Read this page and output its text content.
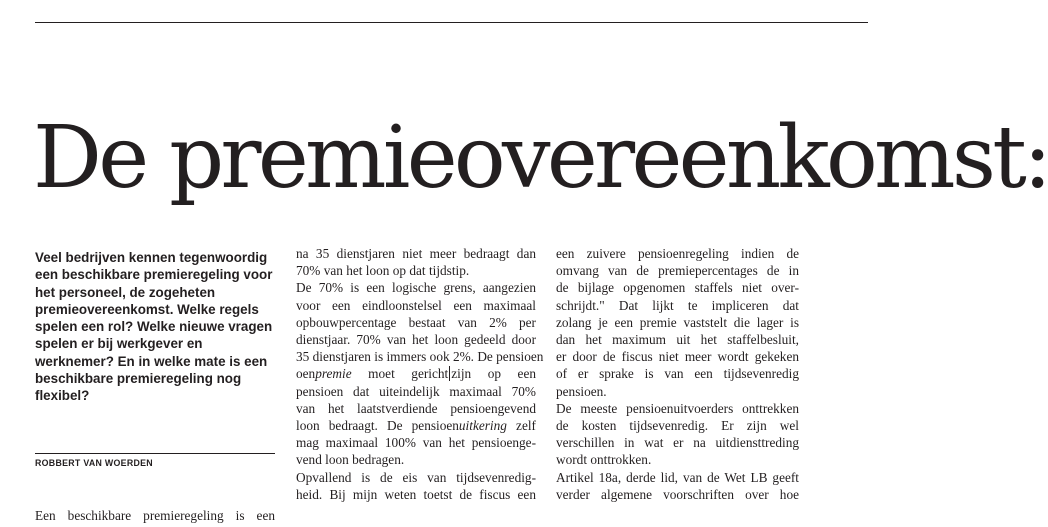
De premieovereenkomst:

Veel bedrijven kennen tegenwoordig een beschikbare premieregeling voor het personeel, de zogeheten premieovereenkomst. Welke regels spelen een rol? Welke nieuwe vragen spelen er bij werkgever en werknemer? En in welke mate is een beschikbare premieregeling nog flexibel?

ROBBERT VAN WOERDEN

Een beschikbare premieregeling is een

na 35 dienstjaren niet meer bedraagt dan
70% van het loon op dat tijdstip.

De 70% is een logische grens, aangezien
voor een eindloonstelsel een maximaal
opbouwpercentage bestaat van 2% per
dienstjaar. 70% van het loon gedeeld door
35 dienstjaren is immers ook 2%. De pensioen
oenpremie moet gericht zijn op een
pensioen dat uiteindelijk maximaal 70%
van het laatstverdiende pensioengevend
loon bedraagt. De pensioenuitkering zelf
mag maximaal 100% van het pensioenge-
vend loon bedragen.

Opvallend is de eis van tijdsevenredig-
heid. Bij mijn weten toetst de fiscus een

een zuivere pensioenregeling indien de
omvang van de premiepercentages de in
de bijlage opgenomen staffels niet over-
schrijdt." Dat lijkt te impliceren dat
zolang je een premie vaststelt die lager is
dan het maximum uit het staffelbesluit,
er door de fiscus niet meer wordt gekeken
of er sprake is van een tijdsevenredig
pensioen.

De meeste pensioenuitvoerders onttrekken
de kosten tijdsevenredig. Er zijn wel
verschillen in wat er na uitdiensttreding
wordt onttrokken.

Artikel 18a, derde lid, van de Wet LB geeft
verder algemene voorschriften over hoe
